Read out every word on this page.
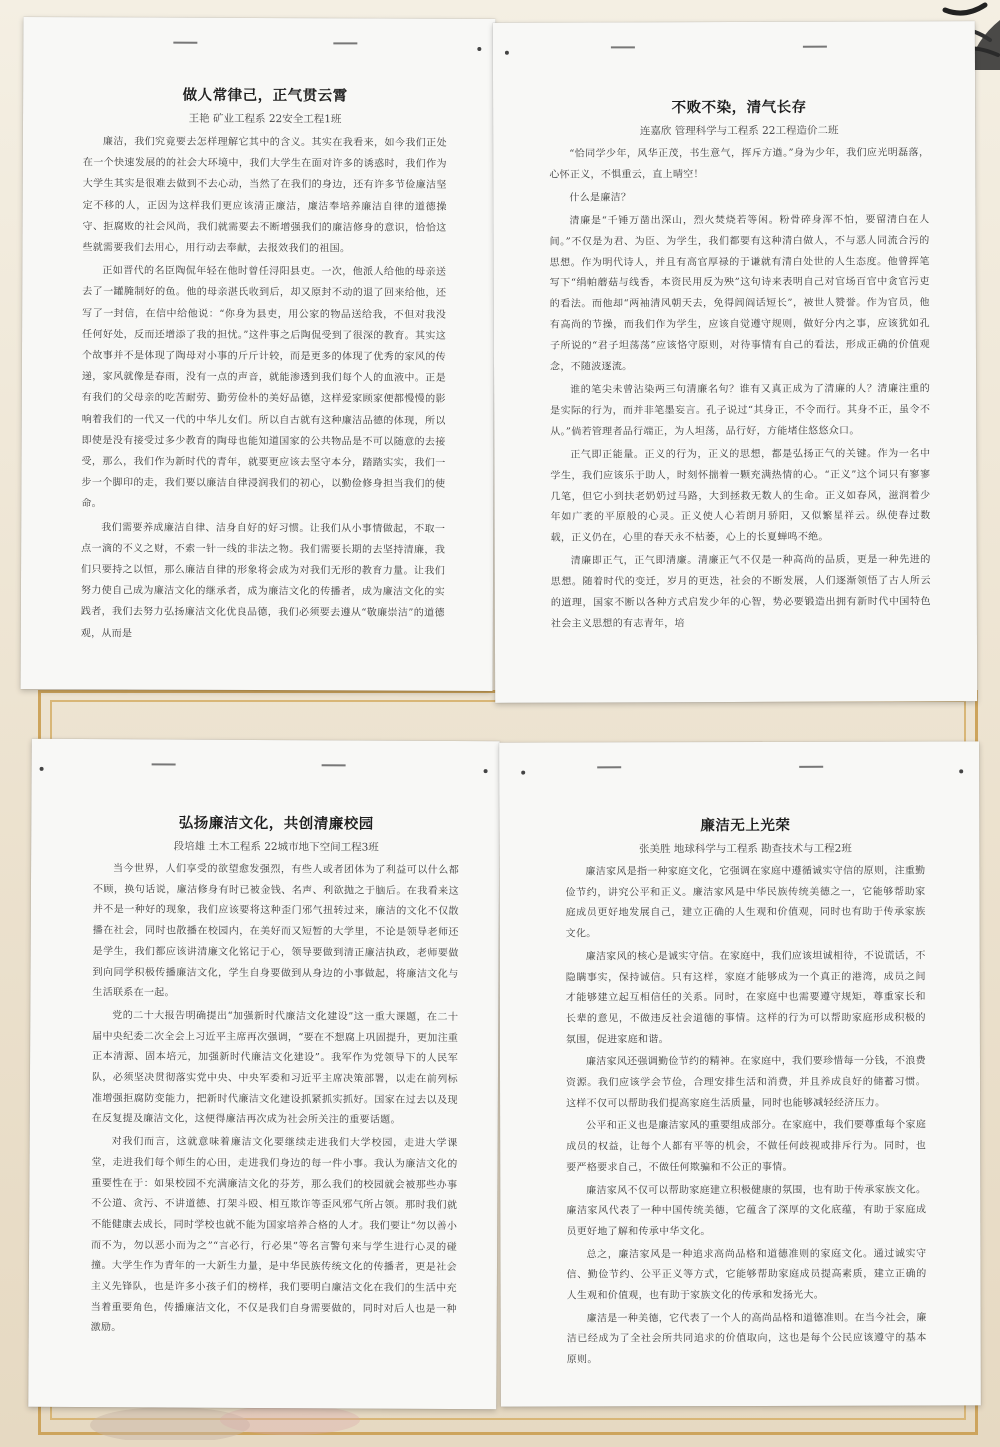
做人常律己，正气贯云霄
王艳 矿业工程系 22安全工程1班

廉洁，我们究竟要去怎样理解它其中的含义。其实在我看来，如今我们正处在一个快速发展的的社会大环境中，我们大学生在面对许多的诱惑时，我们作为大学生其实是很难去做到不去心动，当然了在我们的身边，还有许多节俭廉洁坚定不移的人，正因为这样我们更应该清正廉洁，廉洁奉培养廉洁自律的道德操守、拒腐败的社会风尚，我们就需要去不断增强我们的廉洁修身的意识，恰恰这些就需要我们去用心，用行动去奉献，去报效我们的祖国。

正如晋代的名臣陶侃年轻在他时曾任浔阳县吏。一次，他派人给他的母亲送去了一罐腌制好的鱼。他的母亲湛氏收到后，却又原封不动的退了回来给他，还写了一封信，在信中给他说：“你身为县吏，用公家的物品送给我，不但对我没任何好处，反而还增添了我的担忧。”这件事之后陶侃受到了很深的教育。其实这个故事并不是体现了陶母对小事的斤斤计较，而是更多的体现了优秀的家风的传递，家风就像是春雨，没有一点的声音，就能渗透到我们每个人的血液中。正是有我们的父母亲的吃苦耐劳、勤劳俭朴的美好品德，这样爱家顾家便都慢慢的影响着我们的一代又一代的中华儿女们。所以自古就有这种廉洁品德的体现，所以即使是没有接受过多少教育的陶母也能知道国家的公共物品是不可以随意的去接受，那么，我们作为新时代的青年，就要更应该去坚守本分，踏踏实实，我们一步一个脚印的走，我们要以廉洁自律浸润我们的初心，以勤俭修身担当我们的使命。

我们需要养成廉洁自律、洁身自好的好习惯。让我们从小事情做起，不取一点一滴的不义之财，不索一针一线的非法之物。我们需要长期的去坚持清廉，我们只要持之以恒，那么廉洁自律的形象将会成为对我们无形的教育力量。让我们努力使自己成为廉洁文化的继承者，成为廉洁文化的传播者，成为廉洁文化的实践者，我们去努力弘扬廉洁文化优良品德，我们必须要去遵从“敬廉崇洁”的道德观，从而是

不败不染，清气长存
连嘉欣 管理科学与工程系 22工程造价二班

“恰同学少年，风华正茂，书生意气，挥斥方遒。”身为少年，我们应光明磊落，心怀正义，不惧重云，直上晴空！

什么是廉洁？

清廉是“千锤万凿出深山，烈火焚烧若等闲。粉骨碎身浑不怕，要留清白在人间。”不仅是为君、为臣、为学生，我们都要有这种清白做人，不与恶人同流合污的思想。作为明代诗人，并且有高官厚禄的于谦就有清白处世的人生态度。他曾挥笔写下“绢帕蘑菇与线香，本资民用反为殃”这句诗来表明自己对官场百官中贪官污吏的看法。而他却“两袖清风朝天去，免得闾阎话短长”，被世人赞誉。作为官员，他有高尚的节操，而我们作为学生，应该自觉遵守规则，做好分内之事，应该犹如孔子所说的“君子坦荡荡”应该恪守原则，对待事情有自己的看法，形成正确的价值观念，不随波逐流。

谁的笔尖未曾沾染两三句清廉名句？谁有又真正成为了清廉的人？清廉注重的是实际的行为，而并非笔墨妄言。孔子说过“其身正，不令而行。其身不正，虽令不从。”倘若管理者品行端正，为人坦荡，品行好，方能堵住悠悠众口。

正气即正能量。正义的行为，正义的思想，都是弘扬正气的关键。作为一名中学生，我们应该乐于助人，时刻怀揣着一颗充满热情的心。“正义”这个词只有寥寥几笔，但它小到扶老奶奶过马路，大到拯救无数人的生命。正义如春风，滋润着少年如广袤的平原般的心灵。正义使人心若朗月骄阳，又似繁星祥云。纵使春过数载，正义仍在，心里的春天永不枯萎，心上的长夏蝉鸣不绝。

清廉即正气，正气即清廉。清廉正气不仅是一种高尚的品质，更是一种先进的思想。随着时代的变迁，岁月的更迭，社会的不断发展，人们逐渐领悟了古人所云的道理，国家不断以各种方式启发少年的心智，势必要锻造出拥有新时代中国特色社会主义思想的有志青年，培

弘扬廉洁文化，共创清廉校园
段培雄 土木工程系 22城市地下空间工程3班

当今世界，人们享受的欲望愈发强烈，有些人或者团体为了利益可以什么都不顾，换句话说，廉洁修身有时已被金钱、名声、利欲抛之于脑后。在我看来这并不是一种好的现象，我们应该要将这种歪门邪气扭转过来，廉洁的文化不仅散播在社会，同时也散播在校园内，在美好而又短暂的大学里，不论是领导老师还是学生，我们都应该讲清廉文化铭记于心，领导要做到清正廉洁执政，老师要做到向同学积极传播廉洁文化，学生自身要做到从身边的小事做起，将廉洁文化与生活联系在一起。

党的二十大报告明确提出“加强新时代廉洁文化建设”这一重大课题，在二十届中央纪委二次全会上习近平主席再次强调，“要在不想腐上巩固提升，更加注重正本清源、固本培元，加强新时代廉洁文化建设”。我军作为党领导下的人民军队，必须坚决贯彻落实党中央、中央军委和习近平主席决策部署，以走在前列标准增强拒腐防变能力，把新时代廉洁文化建设抓紧抓实抓好。国家在过去以及现在反复提及廉洁文化，这便得廉洁再次成为社会所关注的重要话题。

对我们而言，这就意味着廉洁文化要继续走进我们大学校园，走进大学课堂，走进我们每个师生的心田，走进我们身边的每一件小事。我认为廉洁文化的重要性在于：如果校园不充满廉洁文化的芬芳，那么我们的校园就会被那些办事不公道、贪污、不讲道德、打架斗殴、相互欺诈等歪风邪气所占领。那时我们就不能健康去成长，同时学校也就不能为国家培养合格的人才。我们要让“勿以善小而不为，勿以恶小而为之”“言必行，行必果”等名言警句来与学生进行心灵的碰撞。大学生作为青年的一大新生力量，是中华民族传统文化的传播者，更是社会主义先锋队，也是许多小孩子们的榜样，我们要明白廉洁文化在我们的生活中充当着重要角色，传播廉洁文化，不仅是我们自身需要做的，同时对后人也是一种激励。

廉洁无上光荣
张美胜 地球科学与工程系 勘查技术与工程2班

廉洁家风是指一种家庭文化，它强调在家庭中遵循诚实守信的原则，注重勤俭节约，讲究公平和正义。廉洁家风是中华民族传统美德之一，它能够帮助家庭成员更好地发展自己，建立正确的人生观和价值观，同时也有助于传承家族文化。

廉洁家风的核心是诚实守信。在家庭中，我们应该坦诚相待，不说谎话，不隐瞒事实，保持诚信。只有这样，家庭才能够成为一个真正的港湾，成员之间才能够建立起互相信任的关系。同时，在家庭中也需要遵守规矩，尊重家长和长辈的意见，不做违反社会道德的事情。这样的行为可以帮助家庭形成积极的氛围，促进家庭和谐。

廉洁家风还强调勤俭节约的精神。在家庭中，我们要珍惜每一分钱，不浪费资源。我们应该学会节俭，合理安排生活和消费，并且养成良好的储蓄习惯。这样不仅可以帮助我们提高家庭生活质量，同时也能够减轻经济压力。

公平和正义也是廉洁家风的重要组成部分。在家庭中，我们要尊重每个家庭成员的权益，让每个人都有平等的机会，不做任何歧视或排斥行为。同时，也要严格要求自己，不做任何欺骗和不公正的事情。

廉洁家风不仅可以帮助家庭建立积极健康的氛围，也有助于传承家族文化。廉洁家风代表了一种中国传统美德，它蕴含了深厚的文化底蕴，有助于家庭成员更好地了解和传承中华文化。

总之，廉洁家风是一种追求高尚品格和道德准则的家庭文化。通过诚实守信、勤俭节约、公平正义等方式，它能够帮助家庭成员提高素质，建立正确的人生观和价值观，也有助于家族文化的传承和发扬光大。

廉洁是一种美德，它代表了一个人的高尚品格和道德准则。在当今社会，廉洁已经成为了全社会所共同追求的价值取向，这也是每个公民应该遵守的基本原则。
